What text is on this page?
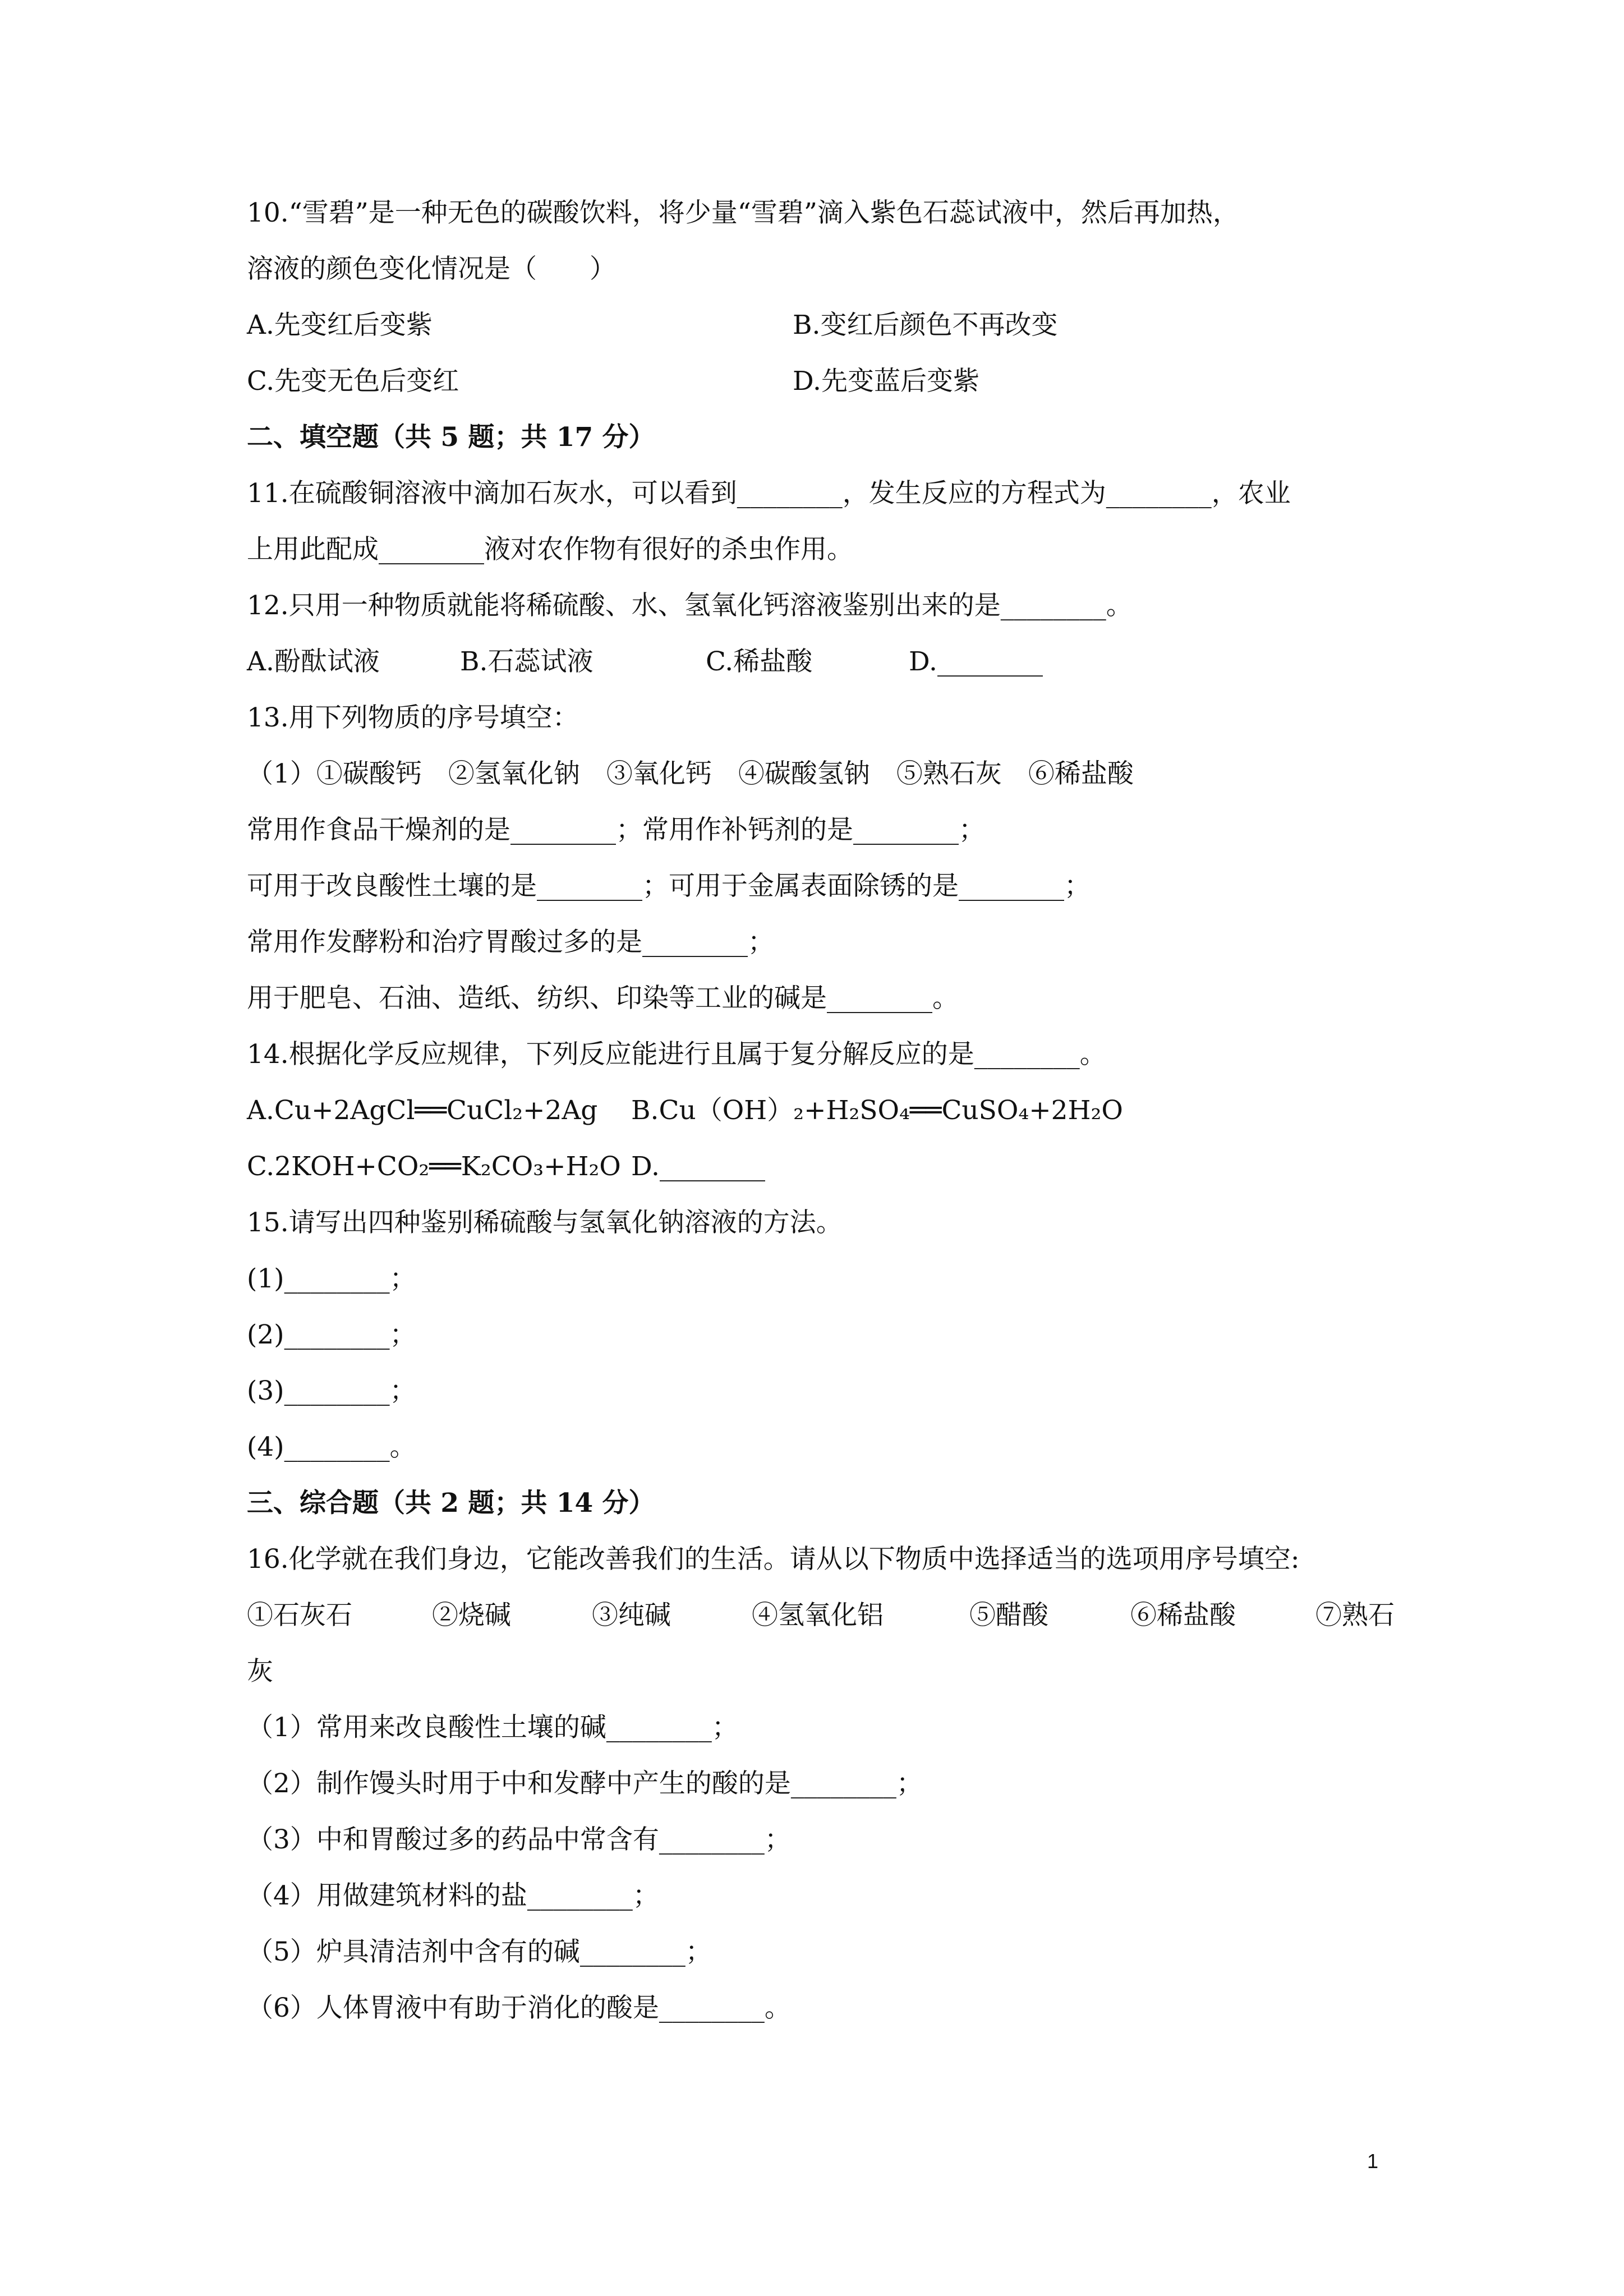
10.“雪碧”是一种无色的碳酸饮料，将少量“雪碧”滴入紫色石蕊试液中，然后再加热，
溶液的颜色变化情况是（　　）
A.先变红后变紫	B.变红后颜色不再改变
C.先变无色后变红	D.先变蓝后变紫
二、填空题（共 5 题；共 17 分）
11.在硫酸铜溶液中滴加石灰水，可以看到________，发生反应的方程式为________，农业
上用此配成________液对农作物有很好的杀虫作用。
12.只用一种物质就能将稀硫酸、水、氢氧化钙溶液鉴别出来的是________。
A.酚酞试液	B.石蕊试液	C.稀盐酸	D.________
13.用下列物质的序号填空：
（1）①碳酸钙　②氢氧化钠　③氧化钙　④碳酸氢钠　⑤熟石灰　⑥稀盐酸
常用作食品干燥剂的是________；常用作补钙剂的是________；
可用于改良酸性土壤的是________；可用于金属表面除锈的是________；
常用作发酵粉和治疗胃酸过多的是________；
用于肥皂、石油、造纸、纺织、印染等工业的碱是________。
14.根据化学反应规律，下列反应能进行且属于复分解反应的是________。
A.Cu+2AgCl══CuCl₂+2Ag B.Cu（OH）₂+H₂SO₄══CuSO₄+2H₂O
C.2KOH+CO₂══K₂CO₃+H₂O D.________
15.请写出四种鉴别稀硫酸与氢氧化钠溶液的方法。
(1)________；
(2)________；
(3)________；
(4)________。
三、综合题（共 2 题；共 14 分）
16.化学就在我们身边，它能改善我们的生活。请从以下物质中选择适当的选项用序号填空:
①石灰石	②烧碱	③纯碱	④氢氧化铝	⑤醋酸	⑥稀盐酸	⑦熟石
灰
（1）常用来改良酸性土壤的碱________；
（2）制作馒头时用于中和发酵中产生的酸的是________；
（3）中和胃酸过多的药品中常含有________；
（4）用做建筑材料的盐________；
（5）炉具清洁剂中含有的碱________；
（6）人体胃液中有助于消化的酸是________。
1
